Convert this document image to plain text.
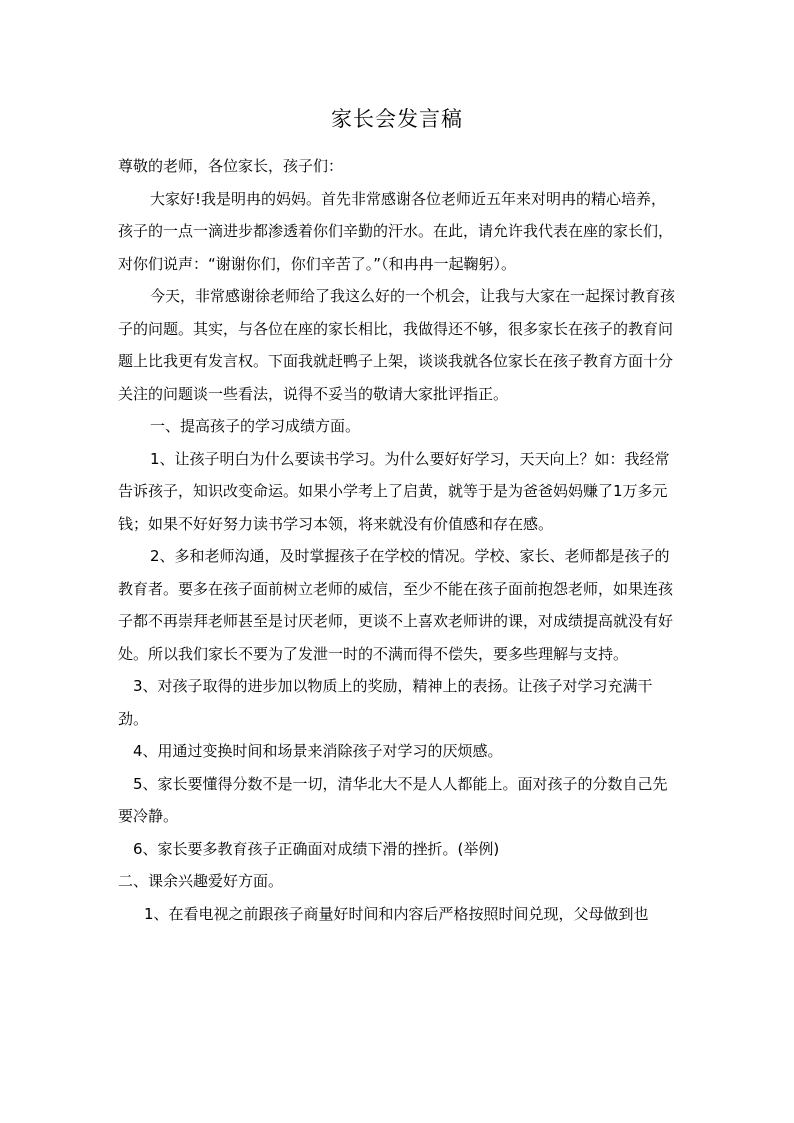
家长会发言稿

尊敬的老师，各位家长，孩子们：

大家好!我是明冉的妈妈。首先非常感谢各位老师近五年来对明冉的精心培养，孩子的一点一滴进步都渗透着你们辛勤的汗水。在此，请允许我代表在座的家长们，对你们说声：“谢谢你们，你们辛苦了。”（和冉冉一起鞠躬）。

今天，非常感谢徐老师给了我这么好的一个机会，让我与大家在一起探讨教育孩子的问题。其实，与各位在座的家长相比，我做得还不够，很多家长在孩子的教育问题上比我更有发言权。下面我就赶鸭子上架，谈谈我就各位家长在孩子教育方面十分关注的问题谈一些看法，说得不妥当的敬请大家批评指正。

一、提高孩子的学习成绩方面。

1、让孩子明白为什么要读书学习。为什么要好好学习，天天向上？如：我经常告诉孩子，知识改变命运。如果小学考上了启黄，就等于是为爸爸妈妈赚了1万多元钱；如果不好好努力读书学习本领，将来就没有价值感和存在感。

2、多和老师沟通，及时掌握孩子在学校的情况。学校、家长、老师都是孩子的教育者。要多在孩子面前树立老师的威信，至少不能在孩子面前抱怨老师，如果连孩子都不再崇拜老师甚至是讨厌老师，更谈不上喜欢老师讲的课，对成绩提高就没有好处。所以我们家长不要为了发泄一时的不满而得不偿失，要多些理解与支持。

3、对孩子取得的进步加以物质上的奖励，精神上的表扬。让孩子对学习充满干劲。

4、用通过变换时间和场景来消除孩子对学习的厌烦感。

5、家长要懂得分数不是一切，清华北大不是人人都能上。面对孩子的分数自己先要冷静。

6、家长要多教育孩子正确面对成绩下滑的挫折。(举例)

二、课余兴趣爱好方面。

1、在看电视之前跟孩子商量好时间和内容后严格按照时间兑现，父母做到也
